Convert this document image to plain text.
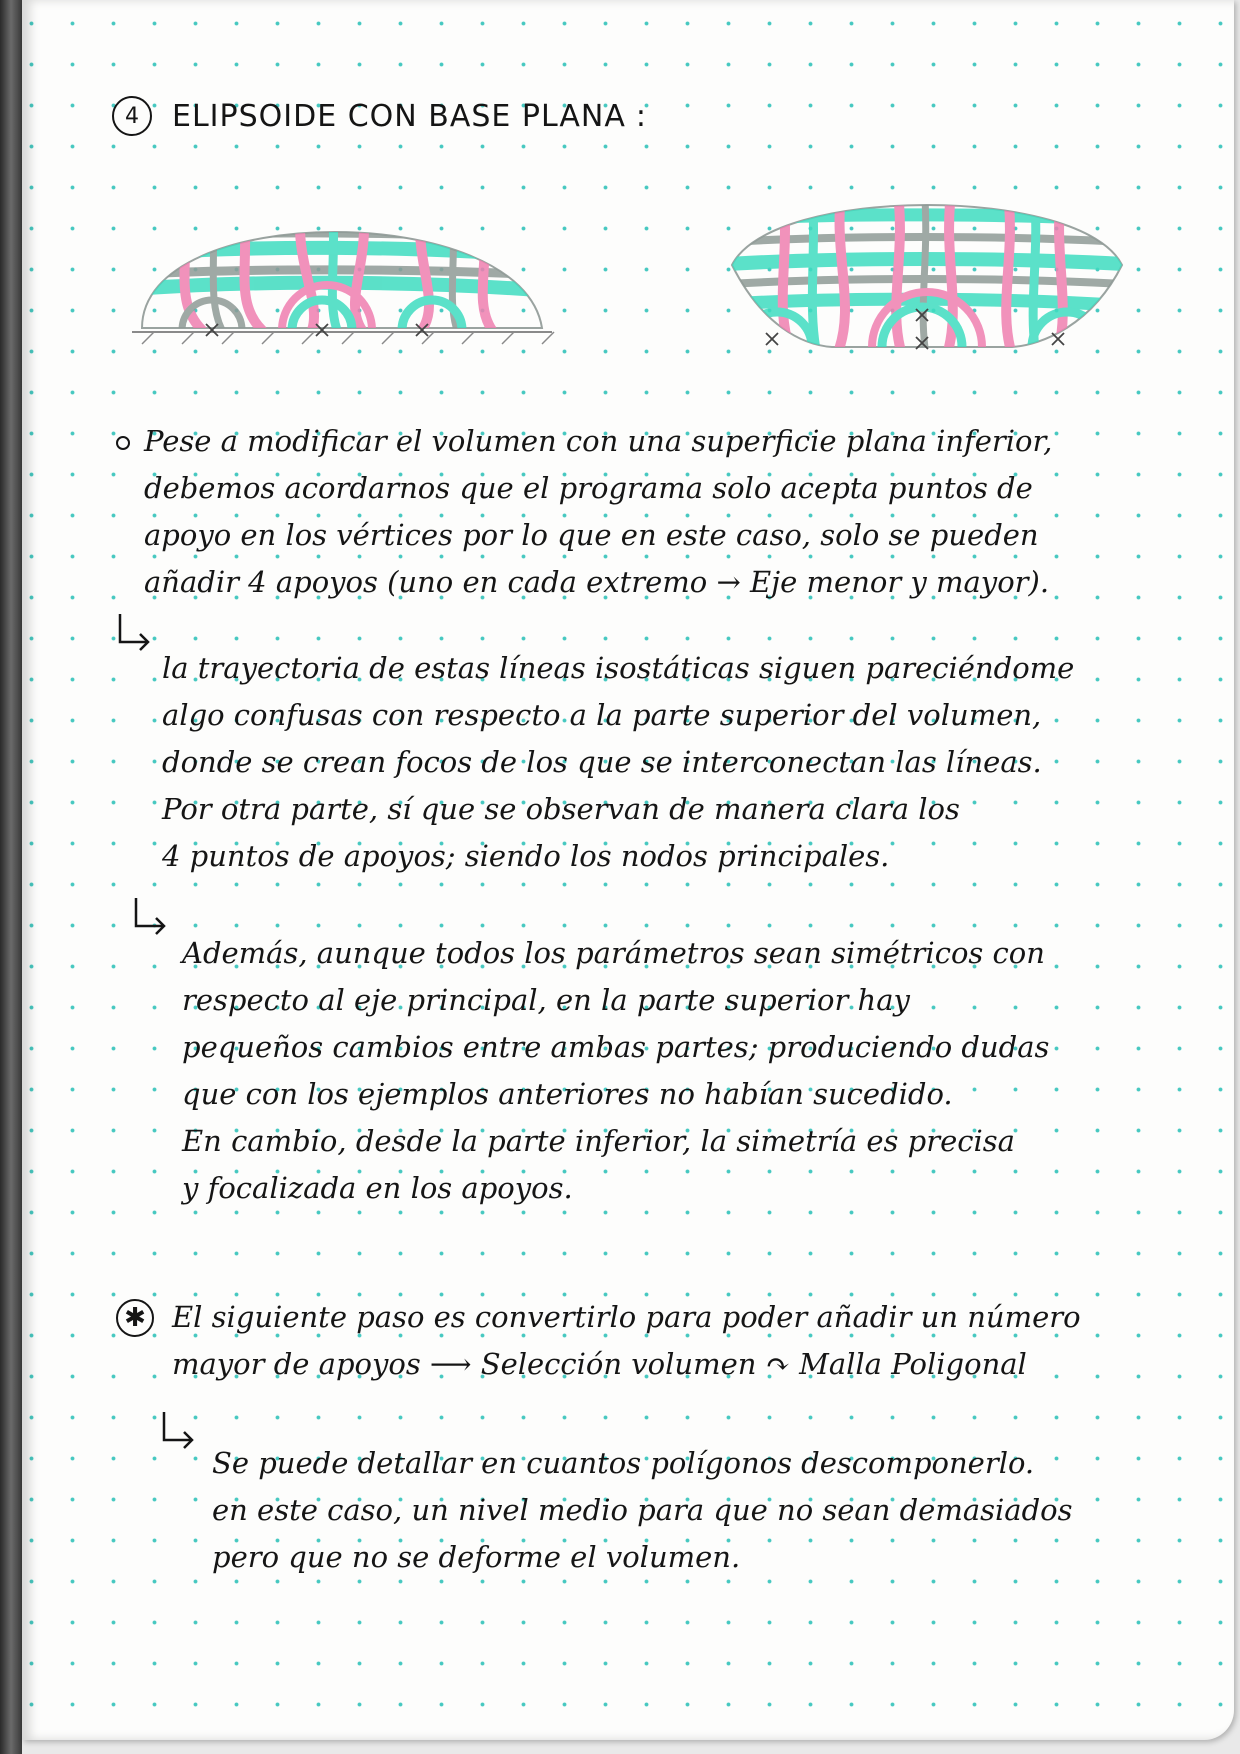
4	ELIPSOIDE CON BASE PLANA :
Pese a modificar el volumen con una superficie plana inferior,
debemos acordarnos que el programa solo acepta puntos de
apoyo en los vértices por lo que en este caso, solo se pueden
añadir 4 apoyos (uno en cada extremo → Eje menor y mayor).
la trayectoria de estas líneas isostáticas siguen pareciéndome
algo confusas con respecto a la parte superior del volumen,
donde se crean focos de los que se interconectan las líneas.
Por otra parte, sí que se observan de manera clara los
4 puntos de apoyos; siendo los nodos principales.
Además, aunque todos los parámetros sean simétricos con
respecto al eje principal, en la parte superior hay
pequeños cambios entre ambas partes; produciendo dudas
que con los ejemplos anteriores no habían sucedido.
En cambio, desde la parte inferior, la simetría es precisa
y focalizada en los apoyos.
✱ El siguiente paso es convertirlo para poder añadir un número
mayor de apoyos ⟶ Selección volumen ↷ Malla Poligonal
Se puede detallar en cuantos polígonos descomponerlo.
en este caso, un nivel medio para que no sean demasiados
pero que no se deforme el volumen.
